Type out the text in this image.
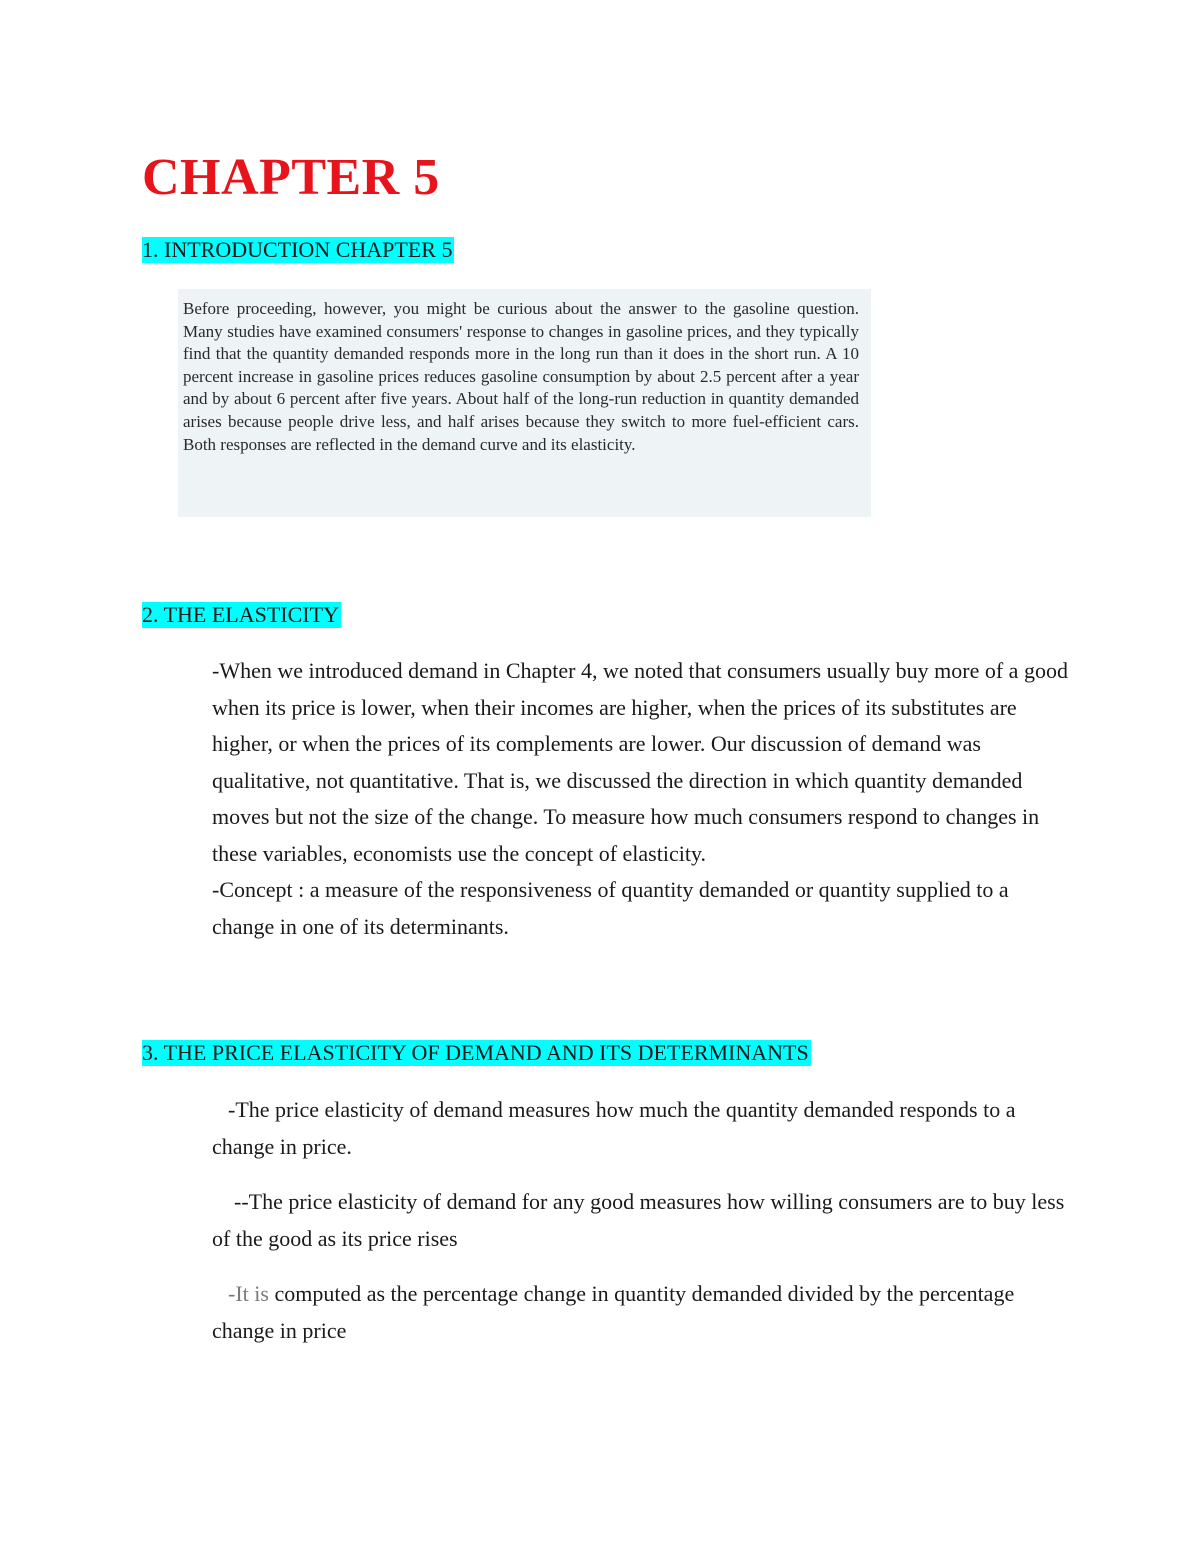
CHAPTER 5
1. INTRODUCTION CHAPTER 5

Before proceeding, however, you might be curious about the answer to the gasoline question. Many studies have examined consumers' response to changes in gasoline prices, and they typically find that the quantity demanded responds more in the long run than it does in the short run. A 10 percent increase in gasoline prices reduces gasoline consumption by about 2.5 percent after a year and by about 6 percent after five years. About half of the long-run reduction in quantity demanded arises because people drive less, and half arises because they switch to more fuel-efficient cars. Both responses are reflected in the demand curve and its elasticity.

2. THE ELASTICITY

-When we introduced demand in Chapter 4, we noted that consumers usually buy more of a good when its price is lower, when their incomes are higher, when the prices of its substitutes are higher, or when the prices of its complements are lower. Our discussion of demand was qualitative, not quantitative. That is, we discussed the direction in which quantity demanded moves but not the size of the change. To measure how much consumers respond to changes in these variables, economists use the concept of elasticity.

-Concept : a measure of the responsiveness of quantity demanded or quantity supplied to a change in one of its determinants.

3. THE PRICE ELASTICITY OF DEMAND AND ITS DETERMINANTS

-The price elasticity of demand measures how much the quantity demanded responds to a change in price.

--The price elasticity of demand for any good measures how willing consumers are to buy less of the good as its price rises

-It is computed as the percentage change in quantity demanded divided by the percentage change in price
